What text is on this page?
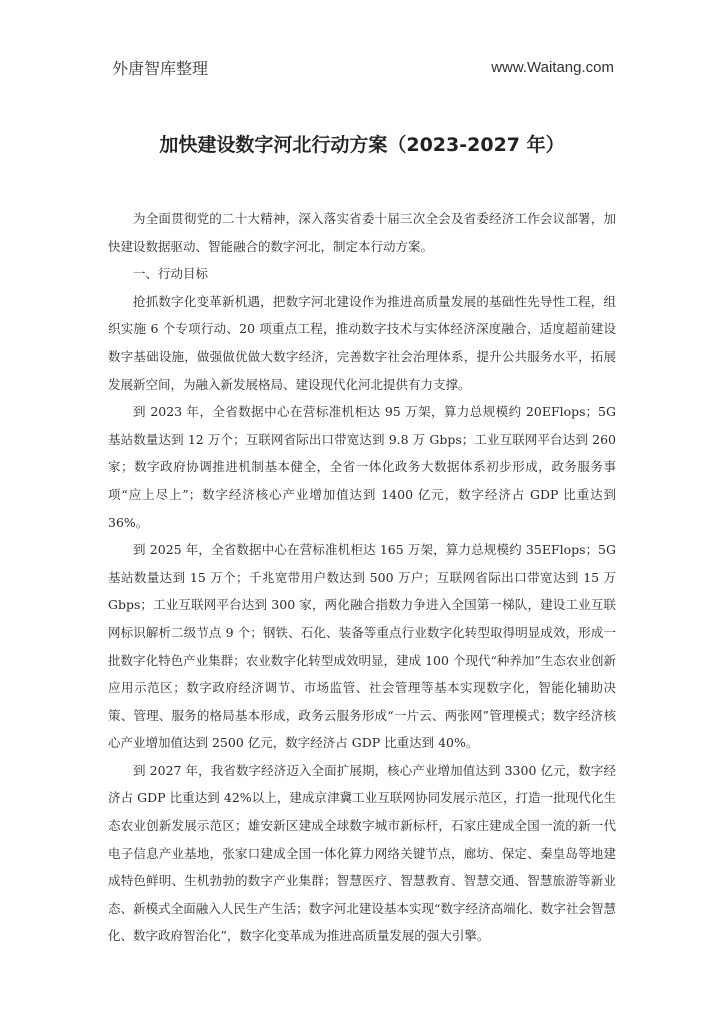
外唐智库整理	www.Waitang.com
加快建设数字河北行动方案（2023-2027 年）

为全面贯彻党的二十大精神，深入落实省委十届三次全会及省委经济工作会议部署，加快建设数据驱动、智能融合的数字河北，制定本行动方案。

一、行动目标

抢抓数字化变革新机遇，把数字河北建设作为推进高质量发展的基础性先导性工程，组织实施 6 个专项行动、20 项重点工程，推动数字技术与实体经济深度融合，适度超前建设数字基础设施，做强做优做大数字经济，完善数字社会治理体系，提升公共服务水平，拓展发展新空间，为融入新发展格局、建设现代化河北提供有力支撑。

到 2023 年，全省数据中心在营标准机柜达 95 万架，算力总规模约 20EFlops；5G 基站数量达到 12 万个；互联网省际出口带宽达到 9.8 万 Gbps；工业互联网平台达到 260 家；数字政府协调推进机制基本健全，全省一体化政务大数据体系初步形成，政务服务事项“应上尽上”；数字经济核心产业增加值达到 1400 亿元，数字经济占 GDP 比重达到 36%。

到 2025 年，全省数据中心在营标准机柜达 165 万架，算力总规模约 35EFlops；5G 基站数量达到 15 万个；千兆宽带用户数达到 500 万户；互联网省际出口带宽达到 15 万 Gbps；工业互联网平台达到 300 家，两化融合指数力争进入全国第一梯队，建设工业互联网标识解析二级节点 9 个；钢铁、石化、装备等重点行业数字化转型取得明显成效，形成一批数字化特色产业集群；农业数字化转型成效明显，建成 100 个现代“种养加”生态农业创新应用示范区；数字政府经济调节、市场监管、社会管理等基本实现数字化，智能化辅助决策、管理、服务的格局基本形成，政务云服务形成“一片云、两张网”管理模式；数字经济核心产业增加值达到 2500 亿元，数字经济占 GDP 比重达到 40%。

到 2027 年，我省数字经济迈入全面扩展期，核心产业增加值达到 3300 亿元，数字经济占 GDP 比重达到 42%以上，建成京津冀工业互联网协同发展示范区，打造一批现代化生态农业创新发展示范区；雄安新区建成全球数字城市新标杆，石家庄建成全国一流的新一代电子信息产业基地，张家口建成全国一体化算力网络关键节点，廊坊、保定、秦皇岛等地建成特色鲜明、生机勃勃的数字产业集群；智慧医疗、智慧教育、智慧交通、智慧旅游等新业态、新模式全面融入人民生产生活；数字河北建设基本实现“数字经济高端化、数字社会智慧化、数字政府智治化”，数字化变革成为推进高质量发展的强大引擎。
